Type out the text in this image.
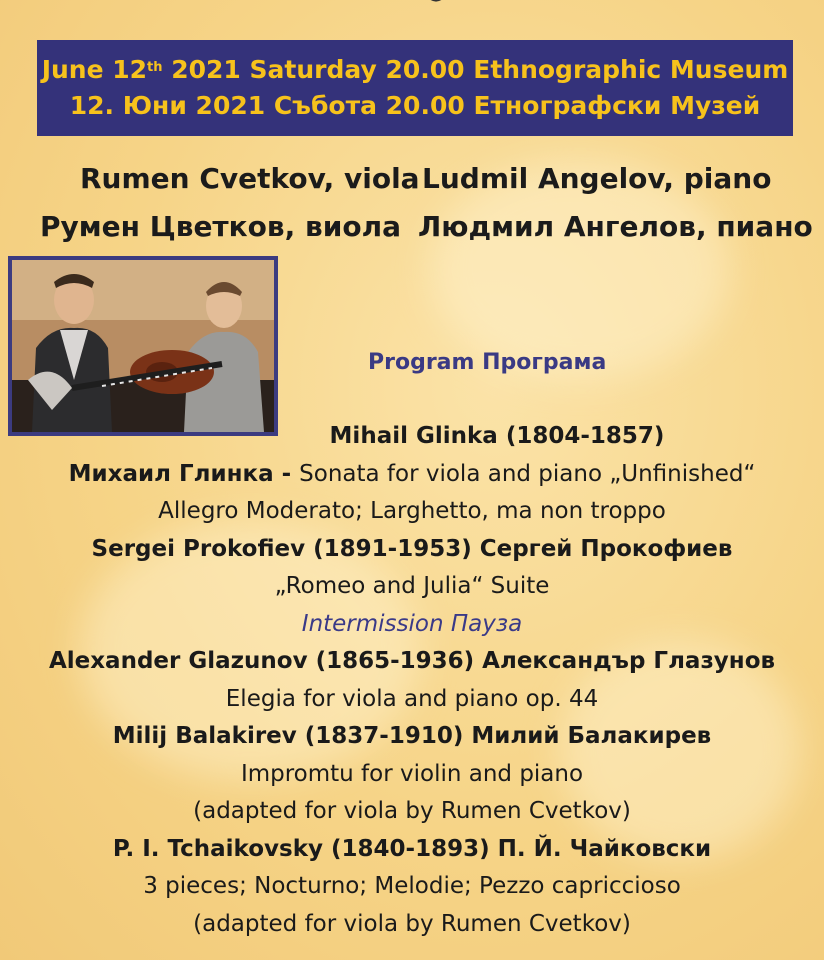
June 12th 2021 Saturday 20.00 Ethnographic Museum
12. Юни 2021 Събота 20.00 Етнографски Музей
Rumen Cvetkov, viola Ludmil Angelov, piano
Румен Цветков, виола Людмил Ангелов, пиано
Program Програма
Mihail Glinka (1804-1857)
Михаил Глинка - Sonata for viola and piano „Unfinished“
Allegro Moderato; Larghetto, ma non troppo
Sergei Prokofiev (1891-1953) Сергей Прокофиев
„Romeo and Julia“ Suite
Intermission Пауза
Alexander Glazunov (1865-1936) Александър Глазунов
Elegia for viola and piano op. 44
Milij Balakirev (1837-1910) Милий Балакирев
Impromtu for violin and piano
(adapted for viola by Rumen Cvetkov)
P. I. Tchaikovsky (1840-1893) П. Й. Чайковски
3 pieces; Nocturno; Melodie; Pezzo capriccioso
(adapted for viola by Rumen Cvetkov)
